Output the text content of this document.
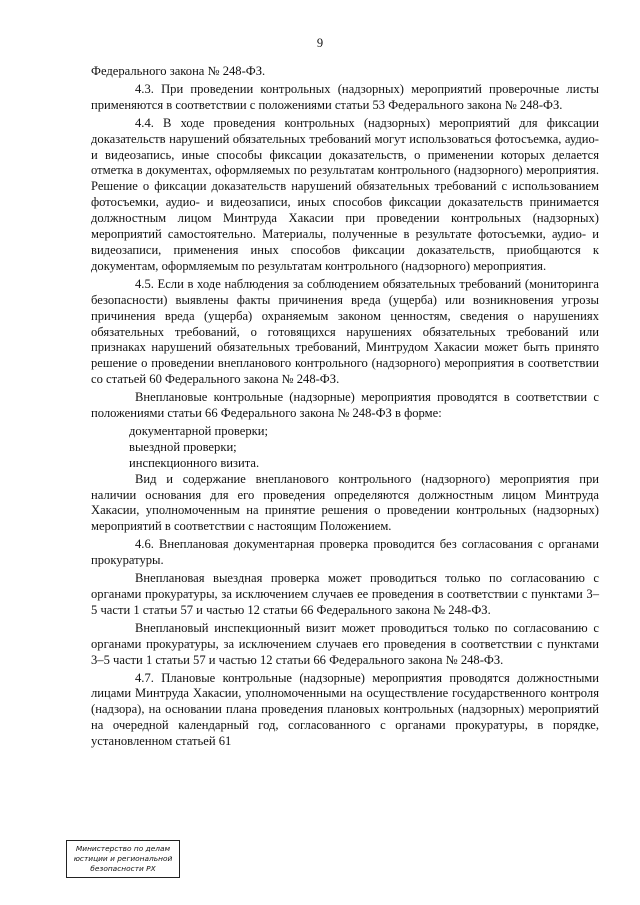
9

Федерального закона № 248-ФЗ.

4.3. При проведении контрольных (надзорных) мероприятий проверочные листы применяются в соответствии с положениями статьи 53 Федерального закона № 248-ФЗ.

4.4. В ходе проведения контрольных (надзорных) мероприятий для фиксации доказательств нарушений обязательных требований могут использоваться фотосъемка, аудио- и видеозапись, иные способы фиксации доказательств, о применении которых делается отметка в документах, оформляемых по результатам контрольного (надзорного) мероприятия. Решение о фиксации доказательств нарушений обязательных требований с использованием фотосъемки, аудио- и видеозаписи, иных способов фиксации доказательств принимается должностным лицом Минтруда Хакасии при проведении контрольных (надзорных) мероприятий самостоятельно. Материалы, полученные в результате фотосъемки, аудио- и видеозаписи, применения иных способов фиксации доказательств, приобщаются к документам, оформляемым по результатам контрольного (надзорного) мероприятия.

4.5. Если в ходе наблюдения за соблюдением обязательных требований (мониторинга безопасности) выявлены факты причинения вреда (ущерба) или возникновения угрозы причинения вреда (ущерба) охраняемым законом ценностям, сведения о нарушениях обязательных требований, о готовящихся нарушениях обязательных требований или признаках нарушений обязательных требований, Минтрудом Хакасии может быть принято решение о проведении внепланового контрольного (надзорного) мероприятия в соответствии со статьей 60 Федерального закона № 248-ФЗ.

Внеплановые контрольные (надзорные) мероприятия проводятся в соответствии с положениями статьи 66 Федерального закона № 248-ФЗ в форме:

документарной проверки;

выездной проверки;

инспекционного визита.

Вид и содержание внепланового контрольного (надзорного) мероприятия при наличии основания для его проведения определяются должностным лицом Минтруда Хакасии, уполномоченным на принятие решения о проведении контрольных (надзорных) мероприятий в соответствии с настоящим Положением.

4.6. Внеплановая документарная проверка проводится без согласования с органами прокуратуры.

Внеплановая выездная проверка может проводиться только по согласованию с органами прокуратуры, за исключением случаев ее проведения в соответствии с пунктами 3–5 части 1 статьи 57 и частью 12 статьи 66 Федерального закона № 248-ФЗ.

Внеплановый инспекционный визит может проводиться только по согласованию с органами прокуратуры, за исключением случаев его проведения в соответствии с пунктами 3–5 части 1 статьи 57 и частью 12 статьи 66 Федерального закона № 248-ФЗ.

4.7. Плановые контрольные (надзорные) мероприятия проводятся должностными лицами Минтруда Хакасии, уполномоченными на осуществление государственного контроля (надзора), на основании плана проведения плановых контрольных (надзорных) мероприятий на очередной календарный год, согласованного с органами прокуратуры, в порядке, установленном статьей 61

Министерство по делам
юстиции и региональной
безопасности РХ
